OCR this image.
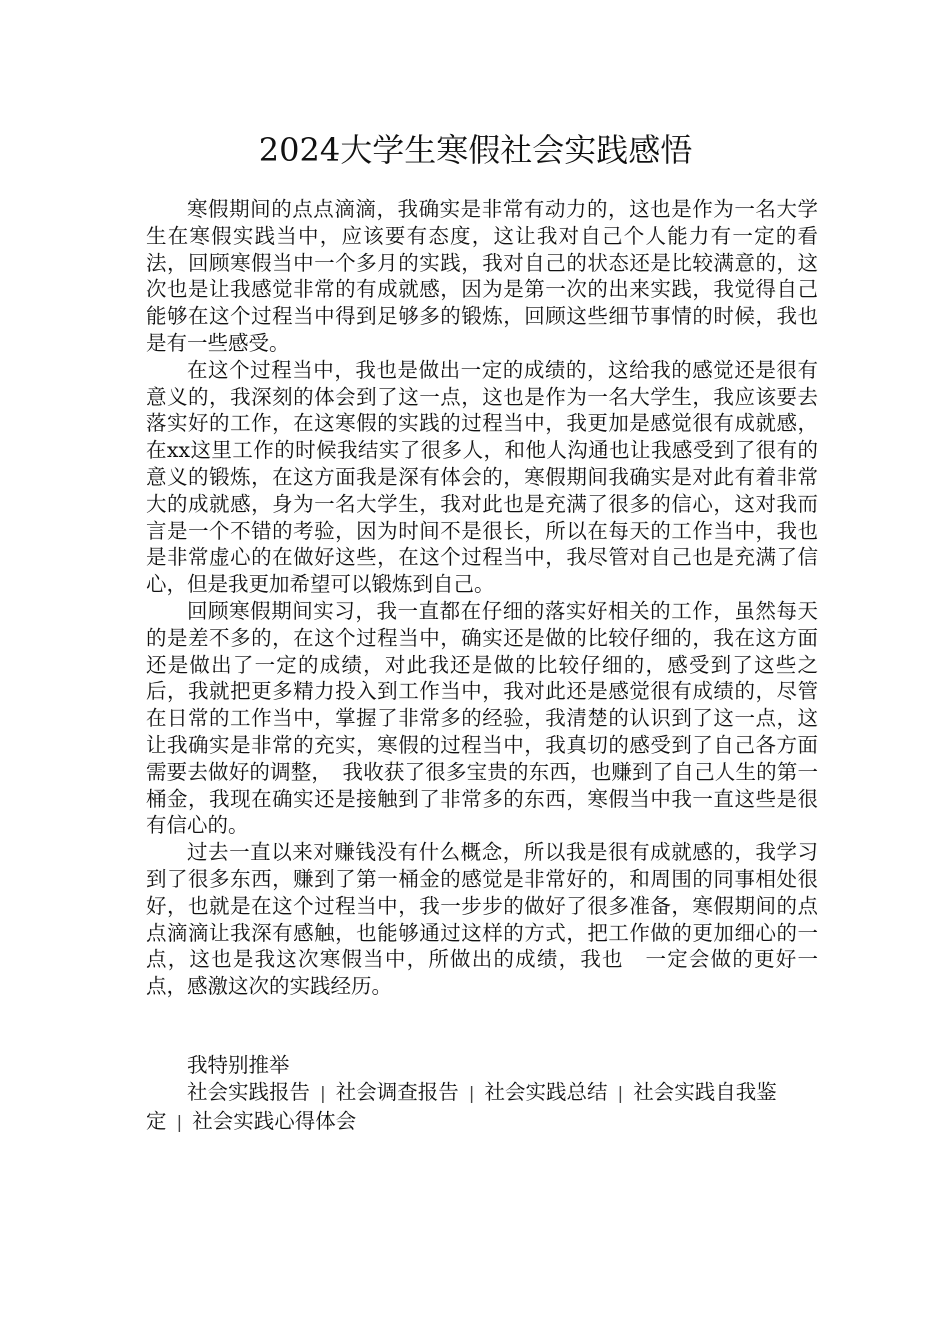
2024大学生寒假社会实践感悟

寒假期间的点点滴滴，我确实是非常有动力的，这也是作为一名大学生在寒假实践当中，应该要有态度，这让我对自己个人能力有一定的看法，回顾寒假当中一个多月的实践，我对自己的状态还是比较满意的，这次也是让我感觉非常的有成就感，因为是第一次的出来实践，我觉得自己能够在这个过程当中得到足够多的锻炼，回顾这些细节事情的时候，我也是有一些感受。

在这个过程当中，我也是做出一定的成绩的，这给我的感觉还是很有意义的，我深刻的体会到了这一点，这也是作为一名大学生，我应该要去落实好的工作，在这寒假的实践的过程当中，我更加是感觉很有成就感，在xx这里工作的时候我结实了很多人，和他人沟通也让我感受到了很有的意义的锻炼，在这方面我是深有体会的，寒假期间我确实是对此有着非常大的成就感，身为一名大学生，我对此也是充满了很多的信心，这对我而言是一个不错的考验，因为时间不是很长，所以在每天的工作当中，我也是非常虚心的在做好这些，在这个过程当中，我尽管对自己也是充满了信心，但是我更加希望可以锻炼到自己。

回顾寒假期间实习，我一直都在仔细的落实好相关的工作，虽然每天的是差不多的，在这个过程当中，确实还是做的比较仔细的，我在这方面还是做出了一定的成绩，对此我还是做的比较仔细的，感受到了这些之后，我就把更多精力投入到工作当中，我对此还是感觉很有成绩的，尽管在日常的工作当中，掌握了非常多的经验，我清楚的认识到了这一点，这让我确实是非常的充实，寒假的过程当中，我真切的感受到了自己各方面需要去做好的调整，　我收获了很多宝贵的东西，也赚到了自己人生的第一桶金，我现在确实还是接触到了非常多的东西，寒假当中我一直这些是很有信心的。

过去一直以来对赚钱没有什么概念，所以我是很有成就感的，我学习到了很多东西，赚到了第一桶金的感觉是非常好的，和周围的同事相处很好，也就是在这个过程当中，我一步步的做好了很多准备，寒假期间的点点滴滴让我深有感触，也能够通过这样的方式，把工作做的更加细心的一点，这也是我这次寒假当中，所做出的成绩，我也　一定会做的更好一点，感激这次的实践经历。

我特别推举

社会实践报告 | 社会调查报告 | 社会实践总结 | 社会实践自我鉴定 | 社会实践心得体会
